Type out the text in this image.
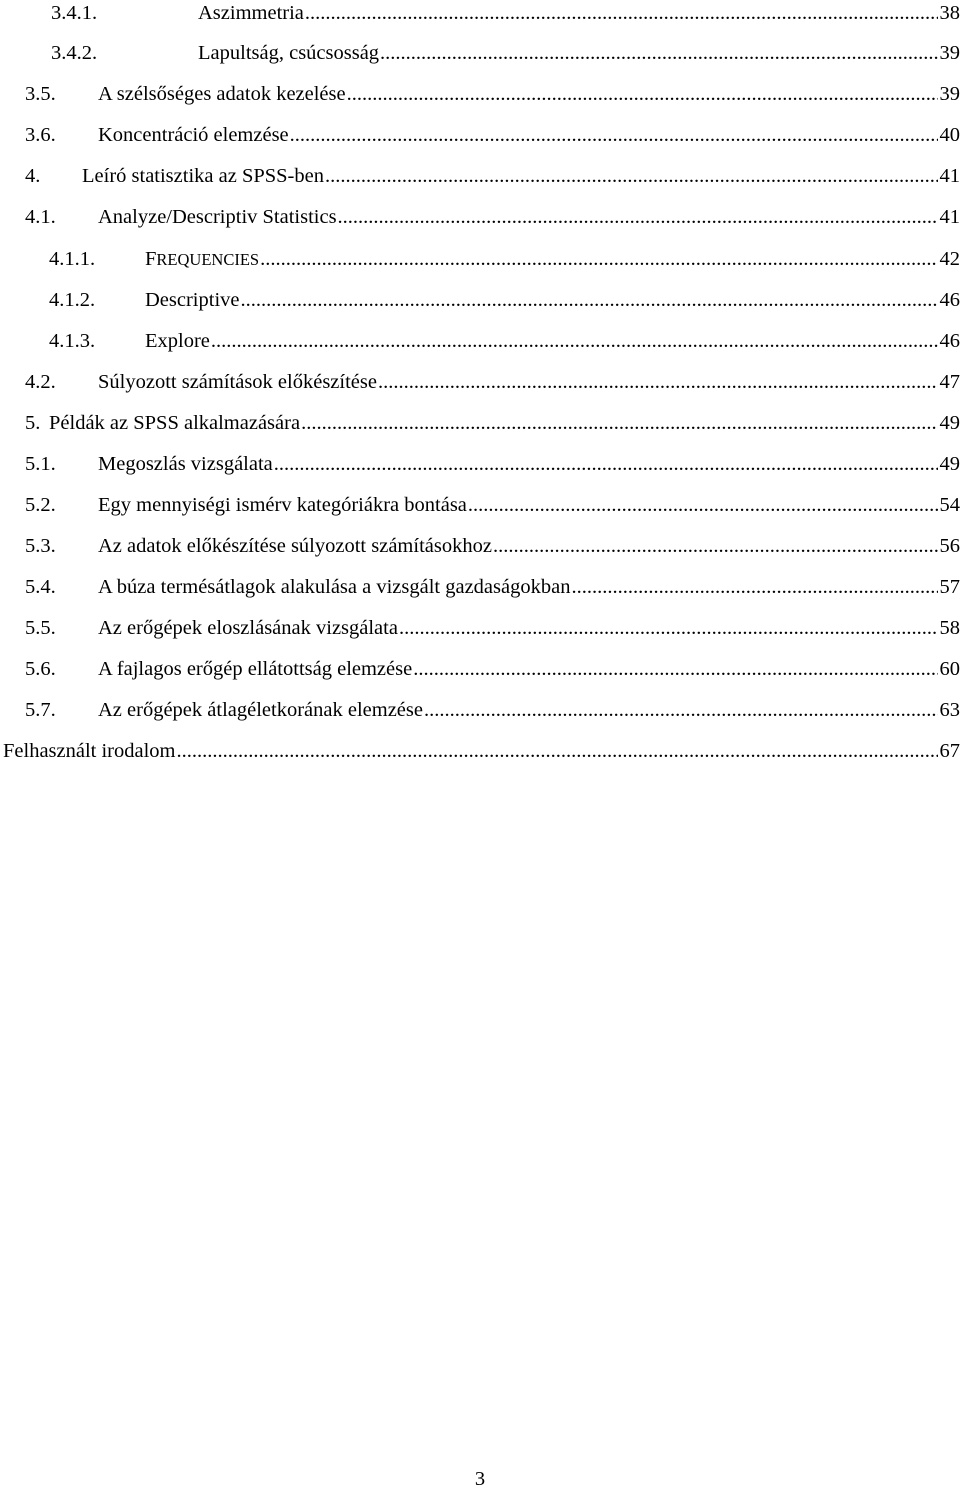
3.4.1.	Aszimmetria .....	38
3.4.2.	Lapultság, csúcsosság .....	39
3.5.	A szélsőséges adatok kezelése .....	39
3.6.	Koncentráció elemzése .....	40
4.	Leíró statisztika az SPSS-ben .....	41
4.1.	Analyze/Descriptiv Statistics .....	41
4.1.1.	FREQUENCIES .....	42
4.1.2.	Descriptive .....	46
4.1.3.	Explore .....	46
4.2.	Súlyozott számítások előkészítése .....	47
5. Példák az SPSS alkalmazására .....	49
5.1.	Megoszlás vizsgálata .....	49
5.2.	Egy mennyiségi ismérv kategóriákra bontása .....	54
5.3.	Az adatok előkészítése súlyozott számításokhoz .....	56
5.4.	A búza termésátlagok alakulása a vizsgált gazdaságokban .....	57
5.5.	Az erőgépek eloszlásának vizsgálata .....	58
5.6.	A fajlagos erőgép ellátottság elemzése .....	60
5.7.	Az erőgépek átlagéletkorának elemzése .....	63
Felhasznált irodalom .....	67
3
